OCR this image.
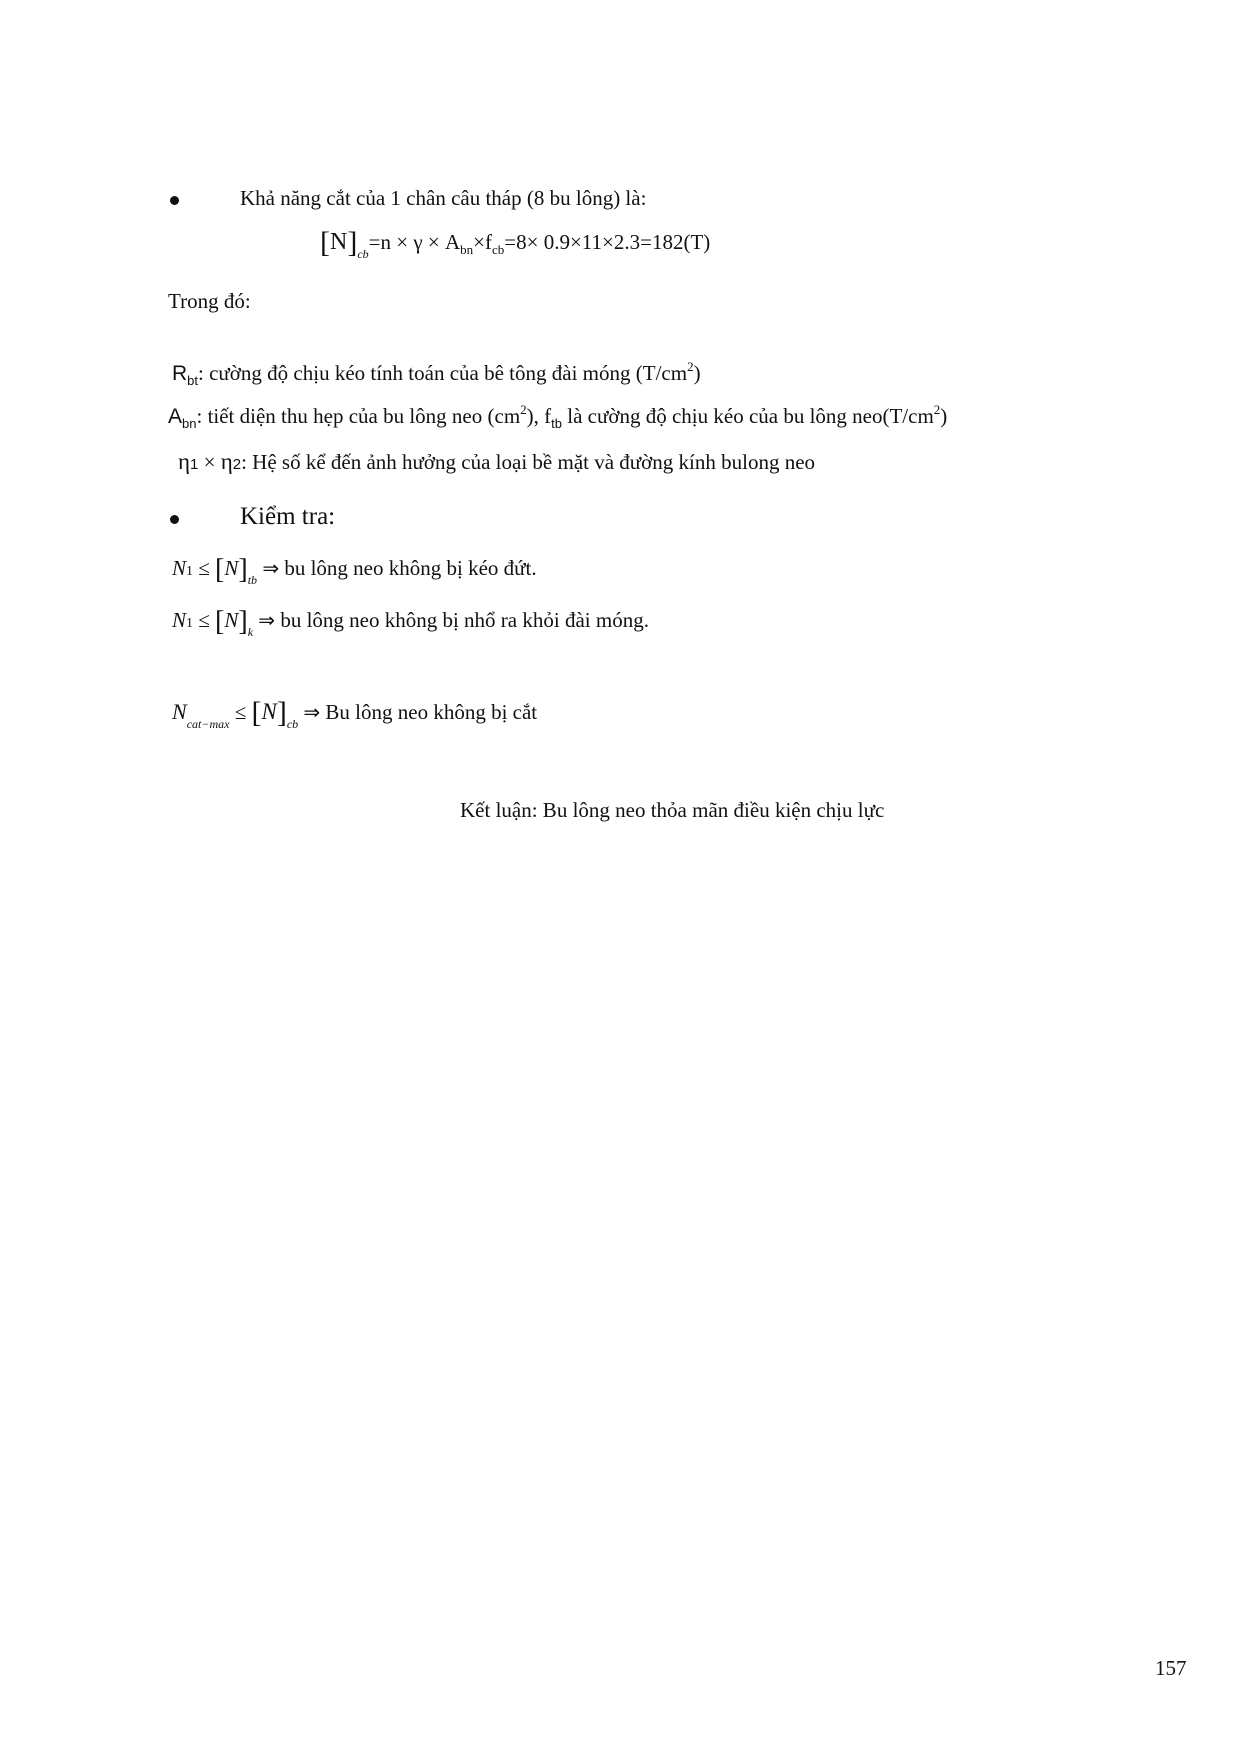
Khả năng cắt của 1 chân câu tháp (8 bu lông) là:
$[N]_{cb}=n \times \gamma \times A_{bn}\times f_{cb}=8\times 0.9\times 11\times 2.3=182(T)$
Trong đó:
$R_{bt}$: cường độ chịu kéo tính toán của bê tông đài móng $(T/cm^2)$
$A_{bn}$: tiết diện thu hẹp của bu lông neo $(cm^2)$, $f_{tb}$ là cường độ chịu kéo của bu lông $neo(T/cm^2)$
η1 × η2: Hệ số kể đến ảnh hưởng của loại bề mặt và đường kính bulong neo
Kiểm tra:
$N1 \le [N]_{tb}$ ⇒ bu lông neo không bị kéo đứt.
$N1 \le [N]_k$ ⇒ bu lông neo không bị nhổ ra khỏi đài móng.
$N_{cat-max} \le [N]_{cb}$ ⇒ Bu lông neo không bị cắt
Kết luận: Bu lông neo thỏa mãn điều kiện chịu lực
157
